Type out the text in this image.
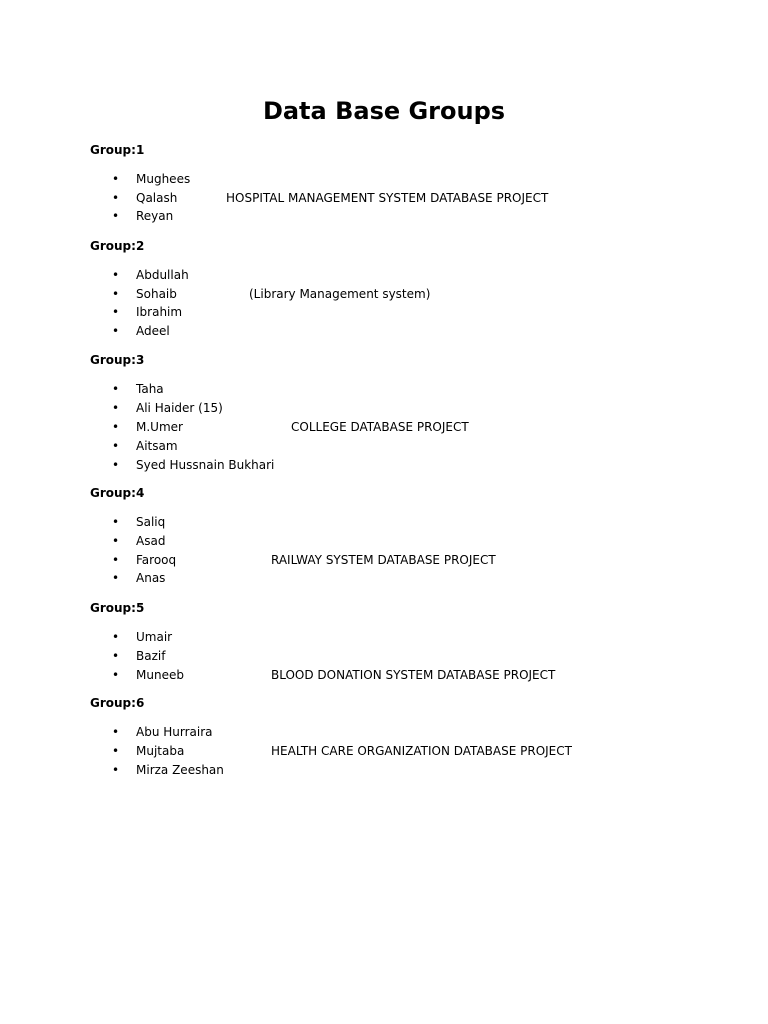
Data Base Groups
Group:1
• Mughees
• Qalash
• Reyan
HOSPITAL MANAGEMENT SYSTEM DATABASE PROJECT
Group:2
• Abdullah
• Sohaib
• Ibrahim
• Adeel
(Library Management system)
Group:3
• Taha
• Ali Haider (15)
• M.Umer
• Aitsam
• Syed Hussnain Bukhari
COLLEGE DATABASE PROJECT
Group:4
• Saliq
• Asad
• Farooq
• Anas
RAILWAY SYSTEM DATABASE PROJECT
Group:5
• Umair
• Bazif
• Muneeb	BLOOD DONATION SYSTEM DATABASE PROJECT
Group:6
• Abu Hurraira
• Mujtaba
• Mirza Zeeshan
HEALTH CARE ORGANIZATION DATABASE PROJECT
